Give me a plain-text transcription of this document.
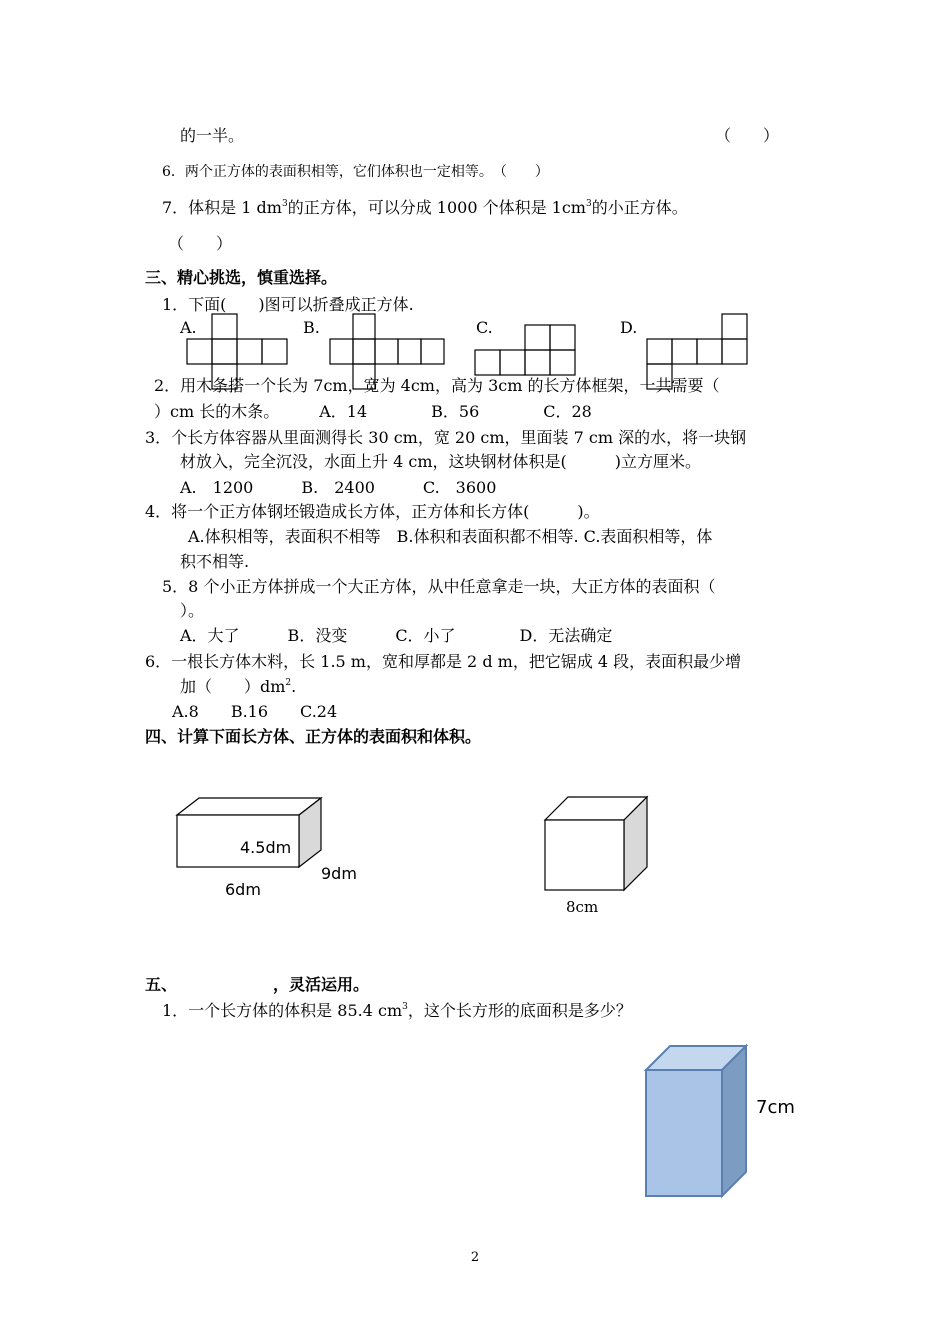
的一半。	（　　）
6．两个正方体的表面积相等，它们体积也一定相等。　（　　）
7．体积是 1 $dm^3$的正方体，可以分成 1000 个体积是 $1cm^3$的小正方体。
（　　）
三、精心挑选，慎重选择。
1．下面(　　)图可以折叠成正方体.
A.	B.	C.	D.
2．用木条搭一个长为 7cm，宽为 4cm，高为 3cm 的长方体框架，一共需要（
）cm 长的木条。　　　A．14　　　　B．56　　　　C．28
3．个长方体容器从里面测得长 30 cm，宽 20 cm，里面装 7 cm 深的水，将一块钢
材放入，完全沉没，水面上升 4 cm，这块钢材体积是(　　　)立方厘米。
A.　1200　　　B.　2400　　　C.　3600
4．将一个正方体钢坯锻造成长方体，正方体和长方体(　　　)。
A.体积相等，表面积不相等　B.体积和表面积都不相等. C.表面积相等，体
积不相等.
5．8 个小正方体拼成一个大正方体，从中任意拿走一块，大正方体的表面积（
）。
A．大了　　　B．没变　　　C．小了　　　　D．无法确定
6．一根长方体木料，长 1.5 m，宽和厚都是 2 d m，把它锯成 4 段，表面积最少增
加（　　）$dm^2$.
A.8　　B.16　　C.24
四、计算下面长方体、正方体的表面积和体积。
4.5dm
9dm
6dm
8cm
五、	，灵活运用。
1．一个长方体的体积是 85.4 $cm^3$，这个长方形的底面积是多少？
7cm
2
